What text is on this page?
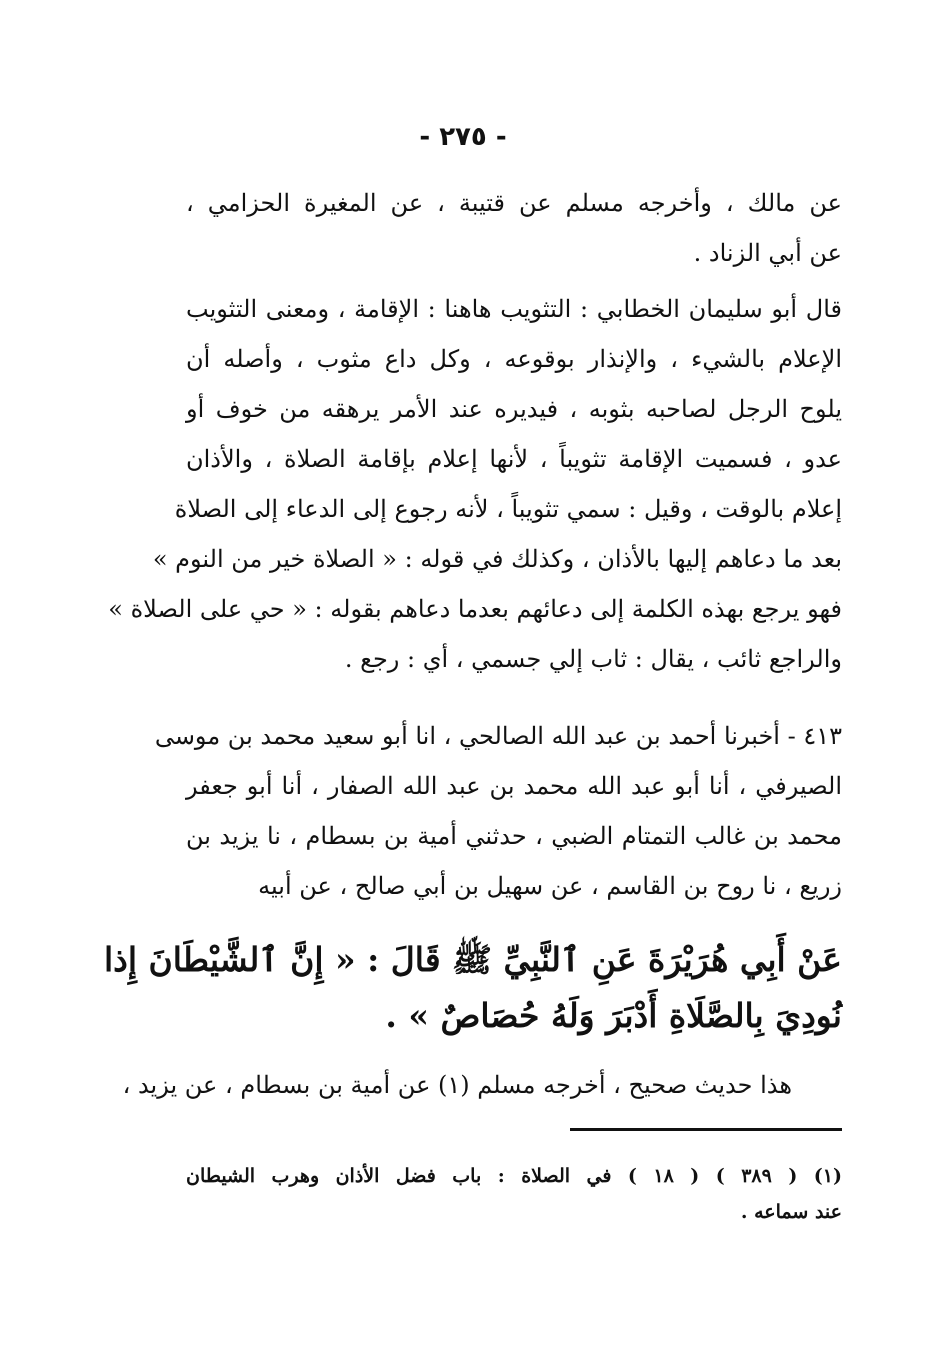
- ٢٧٥ -
عن مالك ، وأخرجه مسلم عن قتيبة ، عن المغيرة الحزامي ،
عن أبي الزناد .
قال أبو سليمان الخطابي : التثويب هاهنا : الإقامة ، ومعنى التثويب
الإعلام بالشيء ، والإنذار بوقوعه ، وكل داع مثوب ، وأصله أن
يلوح الرجل لصاحبه بثوبه ، فيديره عند الأمر يرهقه من خوف أو
عدو ، فسميت الإقامة تثويباً ، لأنها إعلام بإقامة الصلاة ، والأذان
إعلام بالوقت ، وقيل : سمي تثويباً ، لأنه رجوع إلى الدعاء إلى الصلاة
بعد ما دعاهم إليها بالأذان ، وكذلك في قوله : « الصلاة خير من النوم »
فهو يرجع بهذه الكلمة إلى دعائهم بعدما دعاهم بقوله : « حي على الصلاة »
والراجع ثائب ، يقال : ثاب إلي جسمي ، أي : رجع .
٤١٣ - أخبرنا أحمد بن عبد الله الصالحي ، انا أبو سعيد محمد بن موسى
الصيرفي ، أنا أبو عبد الله محمد بن عبد الله الصفار ، أنا أبو جعفر
محمد بن غالب التمتام الضبي ، حدثني أمية بن بسطام ، نا يزيد بن
زريع ، نا روح بن القاسم ، عن سهيل بن أبي صالح ، عن أبيه
عَنْ أَبِي هُرَيْرَةَ عَنِ ٱلنَّبِيِّ ﷺ قَالَ : « إِنَّ ٱلشَّيْطَانَ إِذا
نُودِيَ بِالصَّلَاةِ أَدْبَرَ وَلَهُ حُصَاصٌ » .
هذا حديث صحيح ، أخرجه مسلم (١) عن أمية بن بسطام ، عن يزيد ،
(١) ( ٣٨٩ ) ( ١٨ ) في الصلاة : باب فضل الأذان وهرب الشيطان
عند سماعه .
